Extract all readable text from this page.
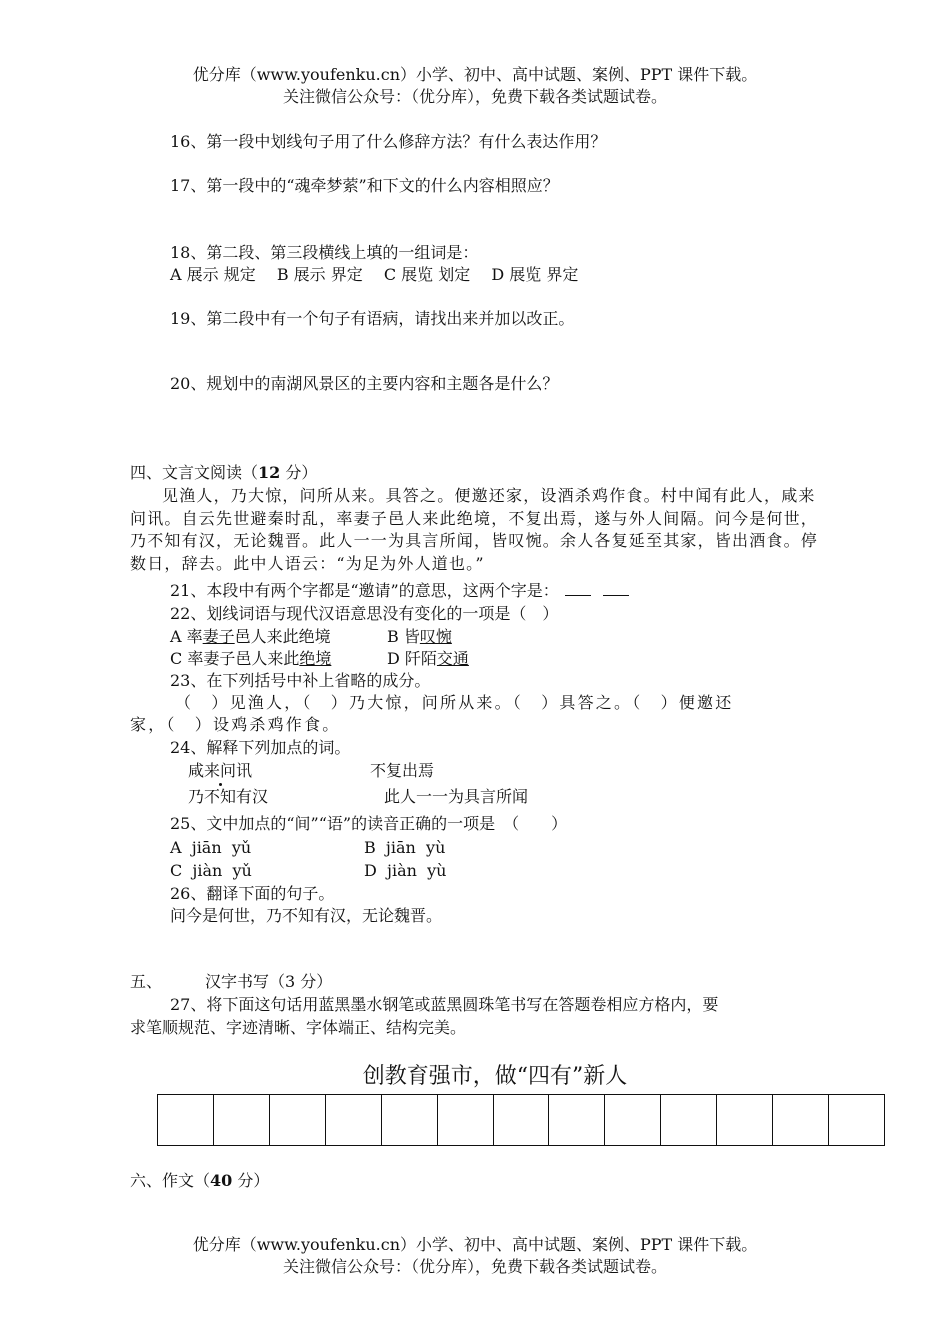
优分库（www.youfenku.cn）小学、初中、高中试题、案例、PPT 课件下载。
关注微信公众号：（优分库），免费下载各类试题试卷。
16、第一段中划线句子用了什么修辞方法？有什么表达作用？
17、第一段中的“魂牵梦萦”和下文的什么内容相照应？
18、第二段、第三段横线上填的一组词是：
A 展示 规定　 B 展示 界定　 C 展览 划定　 D 展览 界定
19、第二段中有一个句子有语病，请找出来并加以改正。
20、规划中的南湖风景区的主要内容和主题各是什么？
四、文言文阅读（12 分）
见渔人，乃大惊，问所从来。具答之。便邀还家，设酒杀鸡作食。村中闻有此人，咸来问讯。自云先世避秦时乱，率妻子邑人来此绝境，不复出焉，遂与外人间隔。问今是何世，乃不知有汉，无论魏晋。此人一一为具言所闻，皆叹惋。余人各复延至其家，皆出酒食。停数日，辞去。此中人语云：“为足为外人道也。”
21、本段中有两个字都是“邀请”的意思，这两个字是：
22、划线词语与现代汉语意思没有变化的一项是（　）
A 率妻子邑人来此绝境	B 皆叹惋
C 率妻子邑人来此绝境	D 阡陌交通
23、在下列括号中补上省略的成分。
（　）见渔人，（　）乃大惊，问所从来。（　）具答之。（　）便邀还
家，（　）设鸡杀鸡作食。
24、解释下列加点的词。
咸来问讯	不复出焉
乃不知有汉	此人一一为具言所闻
25、文中加点的“间”“语”的读音正确的一项是　（　　）
A  jiān  yǔ	B  jiān  yù
C  jiàn  yǔ	D  jiàn  yù
26、翻译下面的句子。
问今是何世，乃不知有汉，无论魏晋。
五、	汉字书写（3 分）
27、将下面这句话用蓝黑墨水钢笔或蓝黑圆珠笔书写在答题卷相应方格内，要
求笔顺规范、字迹清晰、字体端正、结构完美。
创教育强市，做“四有”新人
六、作文（40 分）
优分库（www.youfenku.cn）小学、初中、高中试题、案例、PPT 课件下载。
关注微信公众号：（优分库），免费下载各类试题试卷。
